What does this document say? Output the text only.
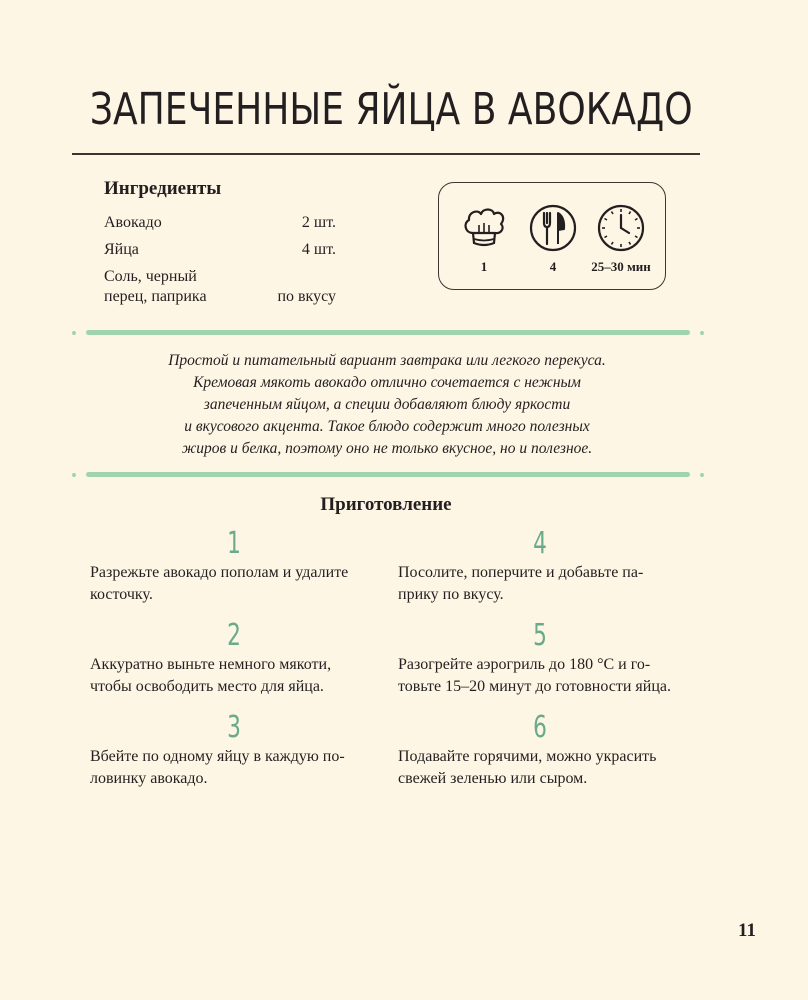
ЗАПЕЧЕННЫЕ ЯЙЦА В АВОКАДО
Ингредиенты
Авокадо	2 шт.
Яйца	4 шт.
Соль, черный
перец, паприка	по вкусу
1	4	25–30 мин
Простой и питательный вариант завтрака или легкого перекуса.
Кремовая мякоть авокадо отлично сочетается с нежным
запеченным яйцом, а специи добавляют блюду яркости
и вкусового акцента. Такое блюдо содержит много полезных
жиров и белка, поэтому оно не только вкусное, но и полезное.
Приготовление
1
Разрежьте авокадо пополам и удалите
косточку.
2
Аккуратно выньте немного мякоти,
чтобы освободить место для яйца.
3
Вбейте по одному яйцу в каждую по-
ловинку авокадо.
4
Посолите, поперчите и добавьте па-
прику по вкусу.
5
Разогрейте аэрогриль до 180 °С и го-
товьте 15–20 минут до готовности яйца.
6
Подавайте горячими, можно украсить
свежей зеленью или сыром.
11
